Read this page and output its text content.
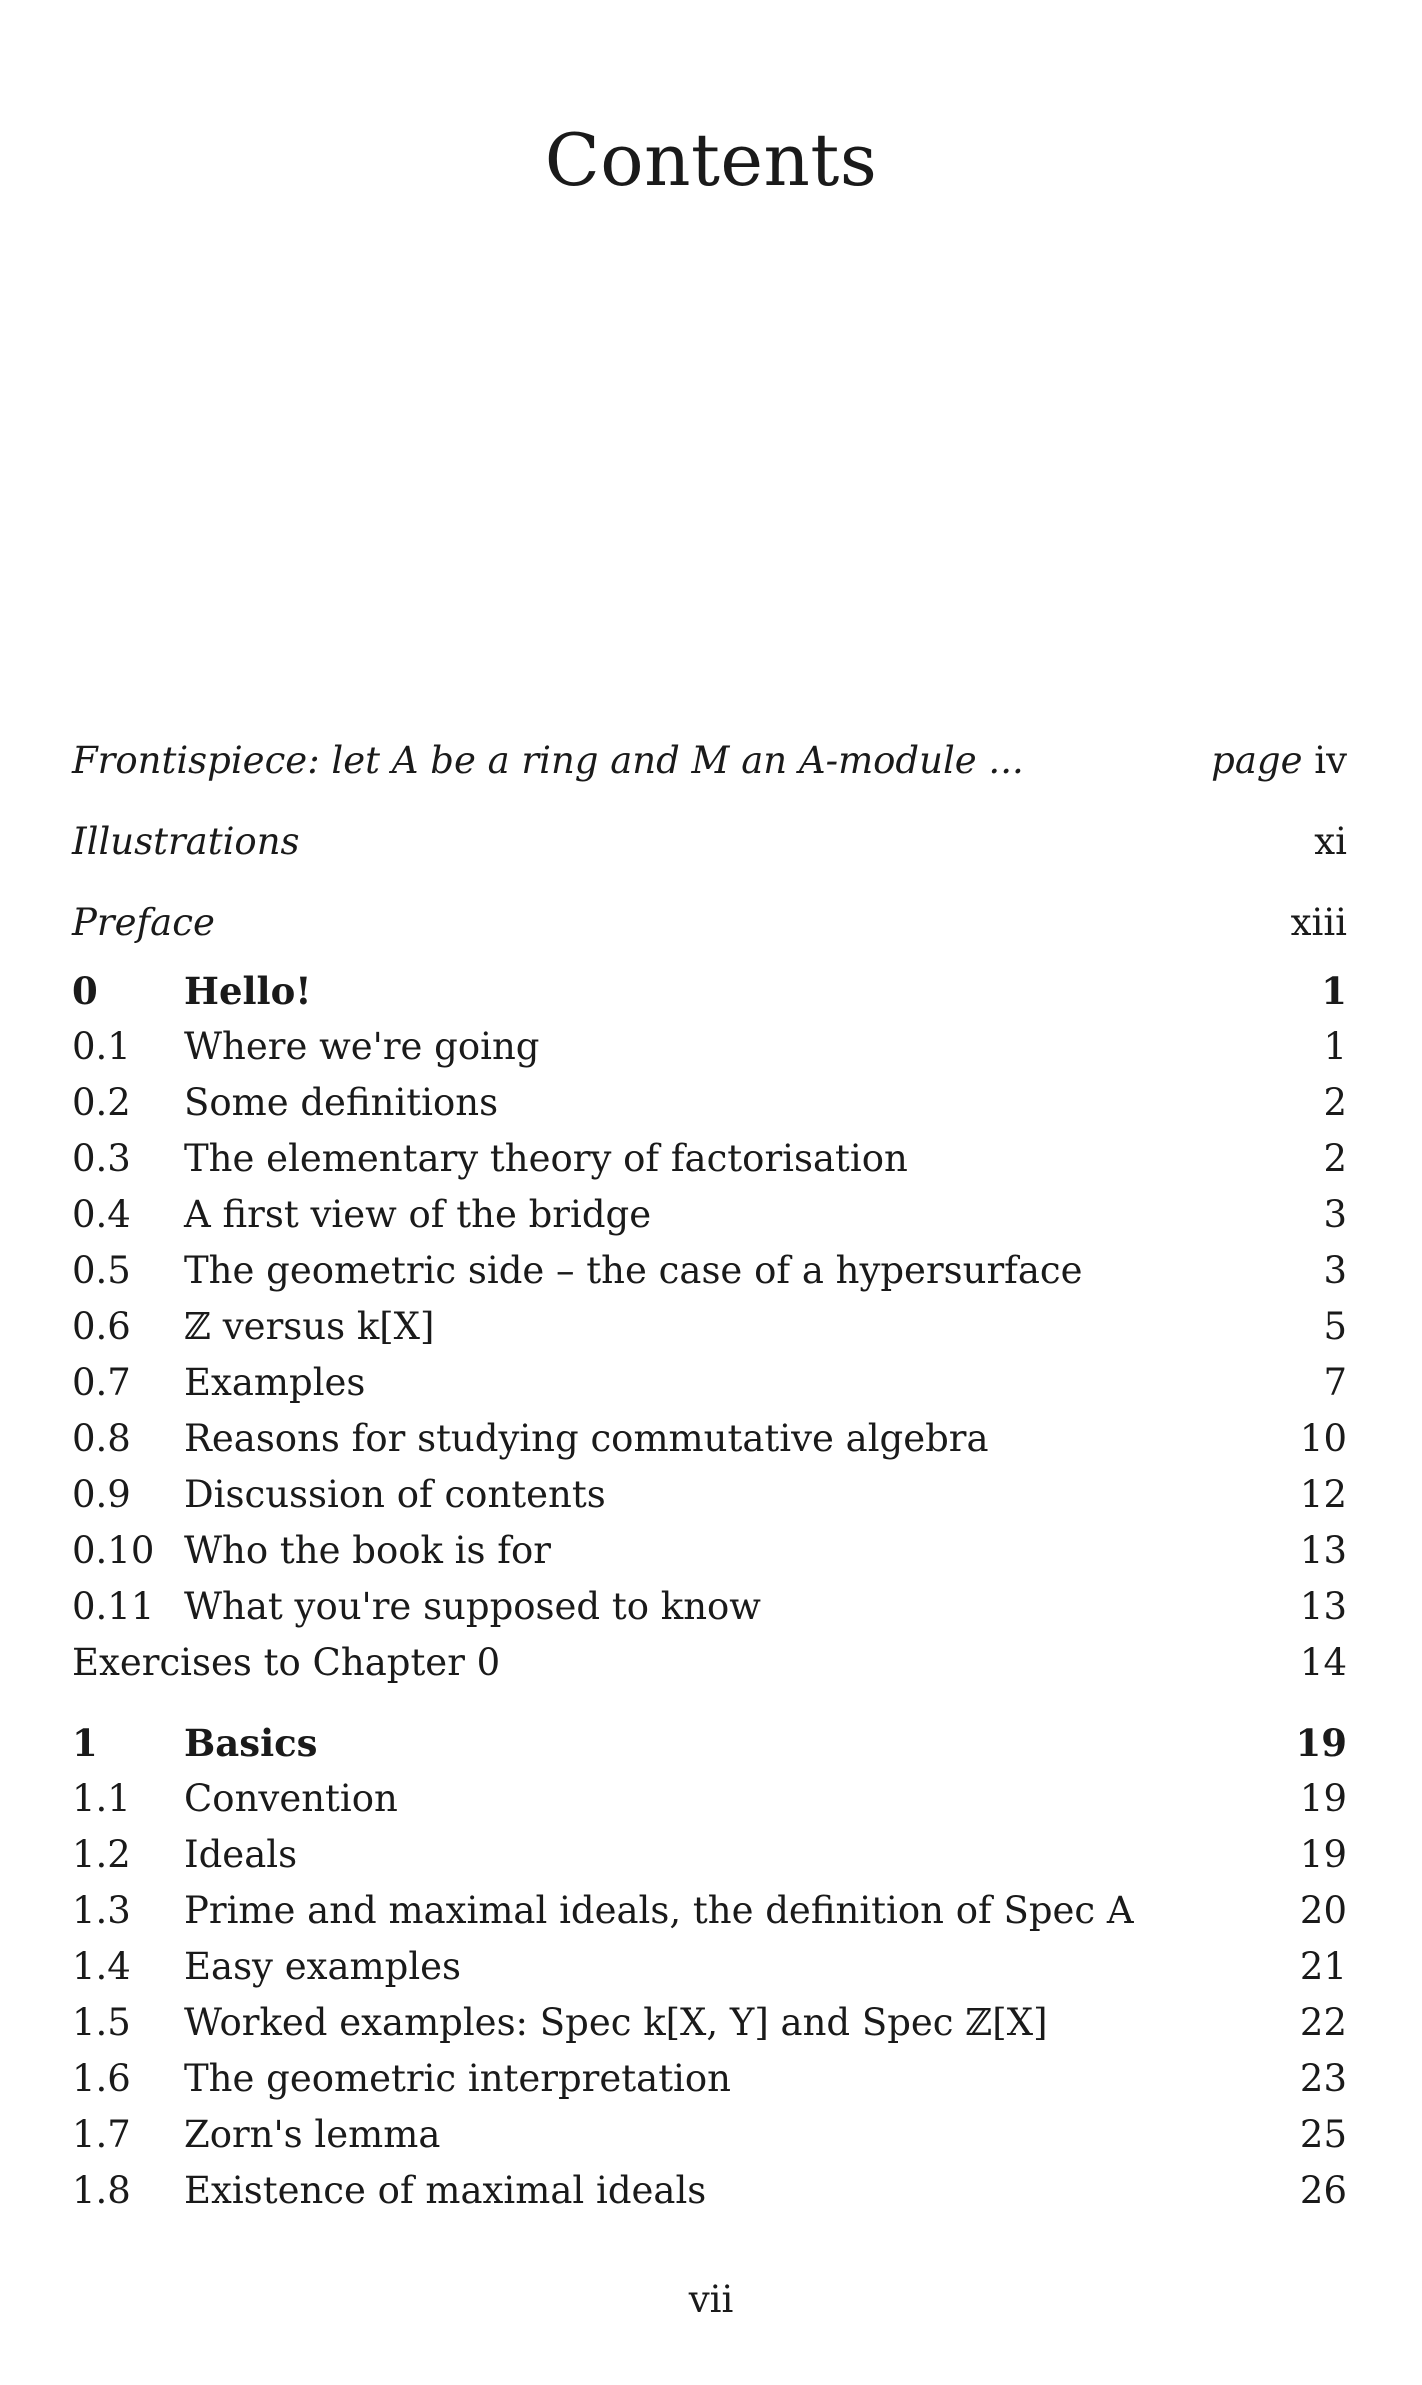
Contents
Frontispiece: let A be a ring and M an A-module ...	page iv
Illustrations	xi
Preface	xiii
0	Hello!	1
0.1	Where we're going	1
0.2	Some definitions	2
0.3	The elementary theory of factorisation	2
0.4	A first view of the bridge	3
0.5	The geometric side – the case of a hypersurface	3
0.6	ℤ versus k[X]	5
0.7	Examples	7
0.8	Reasons for studying commutative algebra	10
0.9	Discussion of contents	12
0.10 Who the book is for	13
0.11 What you're supposed to know	13
Exercises to Chapter 0	14
1	Basics	19
1.1	Convention	19
1.2	Ideals	19
1.3	Prime and maximal ideals, the definition of Spec A	20
1.4	Easy examples	21
1.5	Worked examples: Spec k[X, Y] and Spec ℤ[X]	22
1.6	The geometric interpretation	23
1.7	Zorn's lemma	25
1.8	Existence of maximal ideals	26
vii
